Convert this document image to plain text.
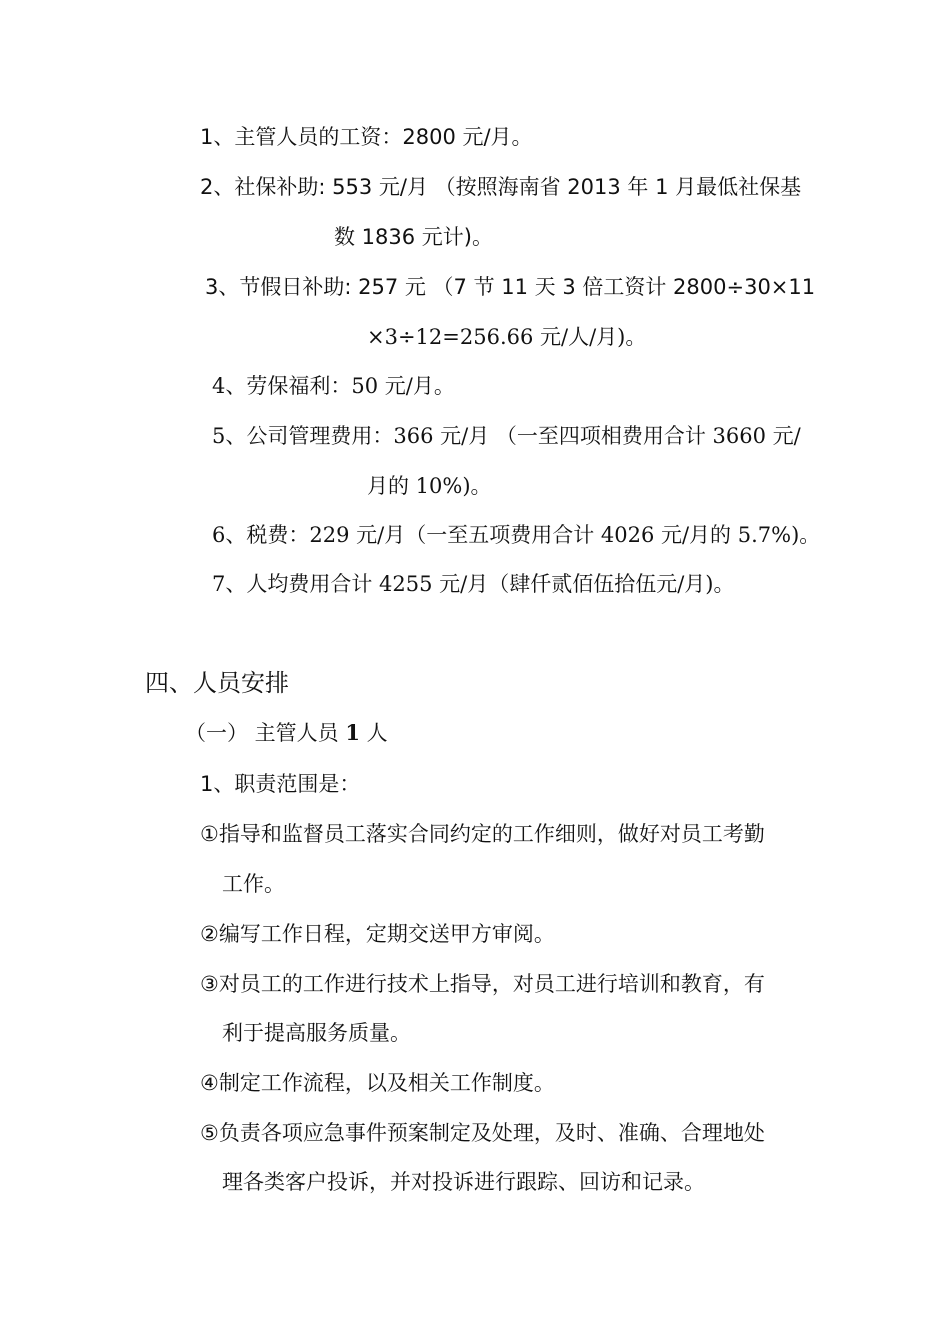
1、主管人员的工资：2800 元/月。
2、社保补助: 553 元/月 （按照海南省 2013 年 1 月最低社保基
数 1836 元计)。
3、节假日补助: 257 元 （7 节 11 天 3 倍工资计 2800÷30×11
×3÷12=256.66 元/人/月)。
4、劳保福利：50 元/月。
5、公司管理费用：366 元/月 （一至四项相费用合计 3660 元/
月的 10%)。
6、税费：229 元/月（一至五项费用合计 4026 元/月的 5.7%)。
7、人均费用合计 4255 元/月（肆仟贰佰伍拾伍元/月)。
四、人员安排
（一） 主管人员 1 人
1、职责范围是：
①指导和监督员工落实合同约定的工作细则，做好对员工考勤
工作。
②编写工作日程，定期交送甲方审阅。
③对员工的工作进行技术上指导，对员工进行培训和教育，有
利于提高服务质量。
④制定工作流程，以及相关工作制度。
⑤负责各项应急事件预案制定及处理，及时、准确、合理地处
理各类客户投诉，并对投诉进行跟踪、回访和记录。
